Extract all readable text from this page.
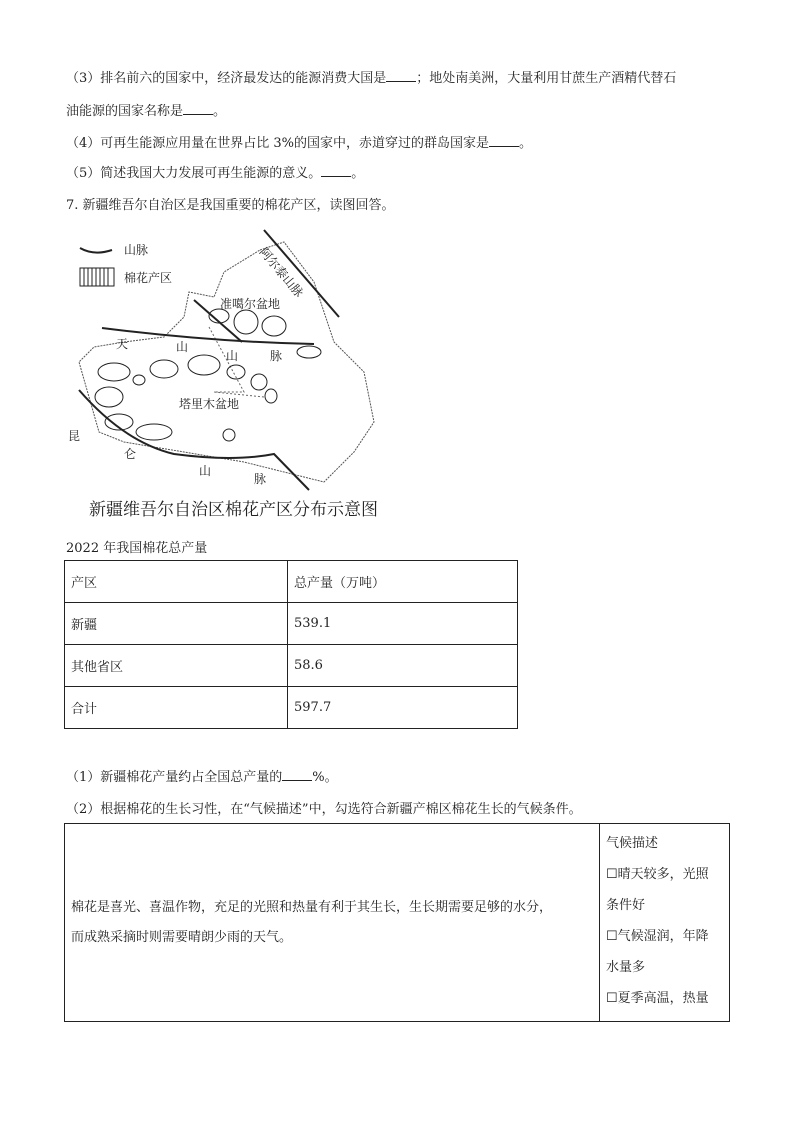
（3）排名前六的国家中，经济最发达的能源消费大国是 ；地处南美洲，大量利用甘蔗生产酒精代替石
油能源的国家名称是 。
（4）可再生能源应用量在世界占比 3%的国家中，赤道穿过的群岛国家是 。
（5）简述我国大力发展可再生能源的意义。 。
7. 新疆维吾尔自治区是我国重要的棉花产区，读图回答。
山脉
棉花产区	阿尔泰山脉
准噶尔盆地
塔里木盆地
天	山
山	脉
昆
仑
山
脉
新疆维吾尔自治区棉花产区分布示意图
2022 年我国棉花总产量
产区	总产量（万吨）
新疆	539.1
其他省区	58.6
合计	597.7
（1）新疆棉花产量约占全国总产量的 %。
（2）根据棉花的生长习性，在“气候描述”中，勾选符合新疆产棉区棉花生长的气候条件。
棉花是喜光、喜温作物，充足的光照和热量有利于其生长，生长期需要足够的水分，
而成熟采摘时则需要晴朗少雨的天气。

气候描述
☐晴天较多，光照
条件好
☐气候湿润，年降
水量多
☐夏季高温，热量
